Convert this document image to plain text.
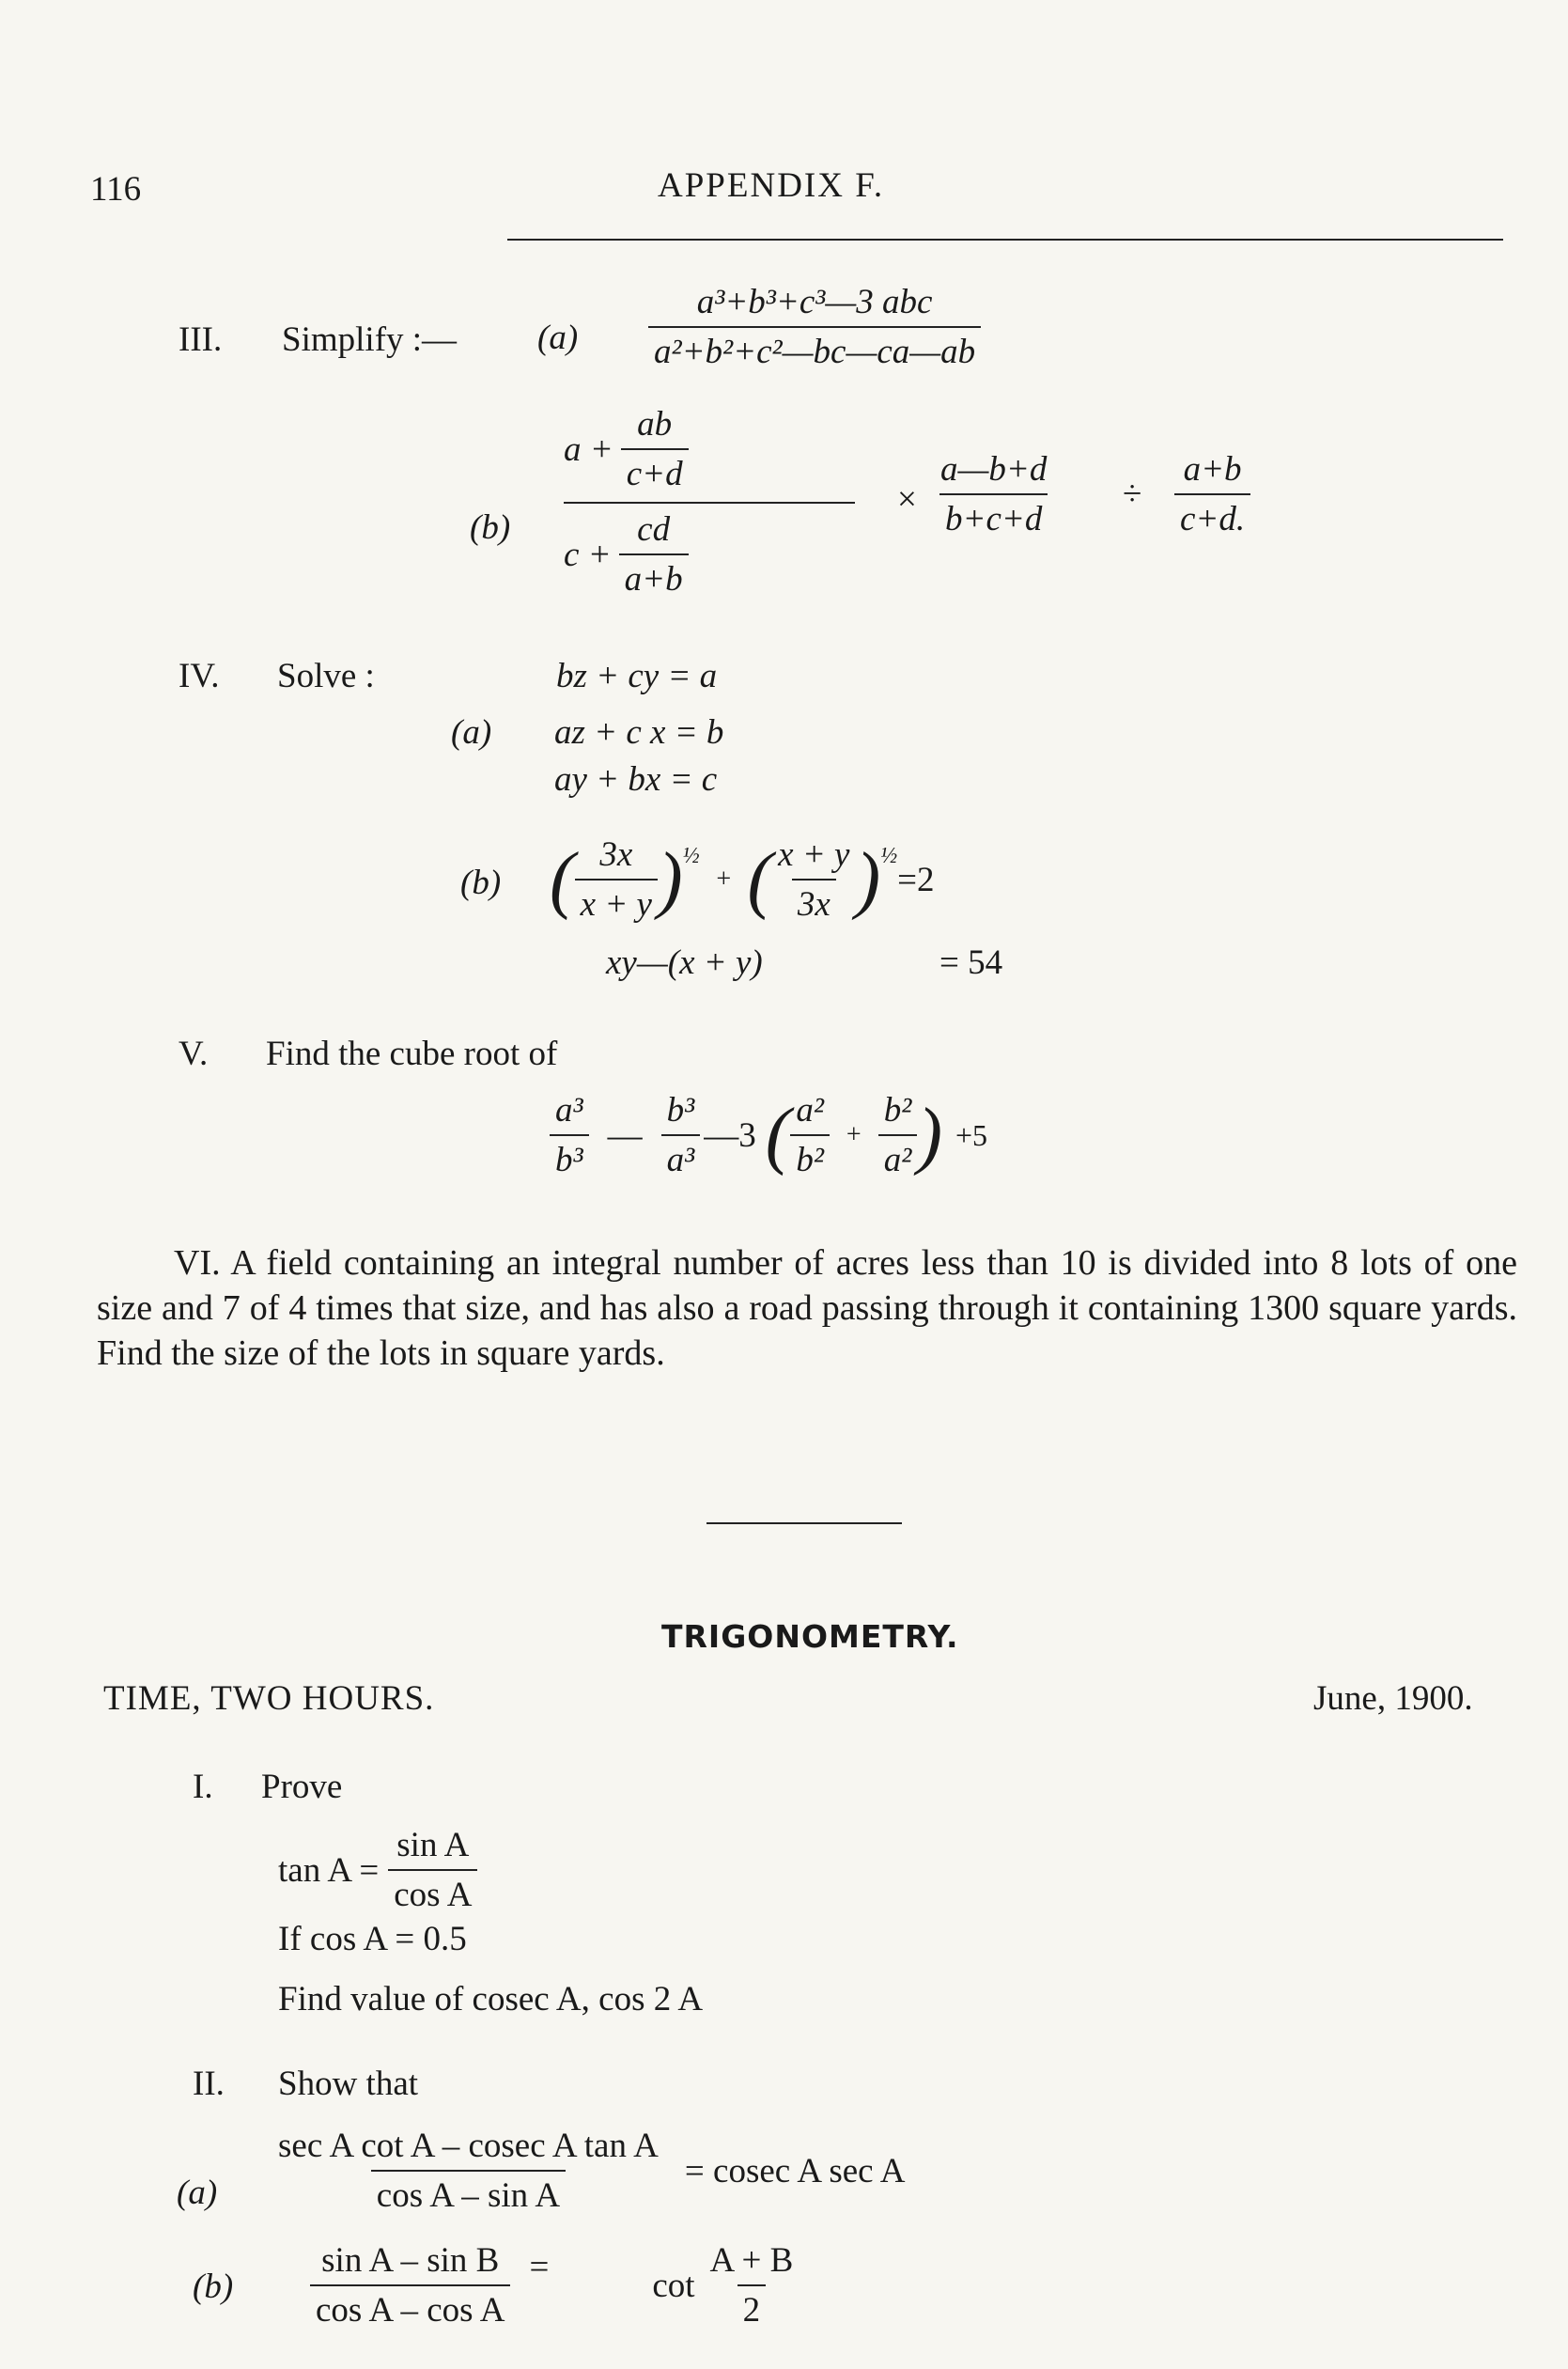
116	APPENDIX F.
III. Simplify :— $(a) \frac{\text{a³+b³+c³—3 abc}}{\text{a²+b²+c²—bc—ca—ab}}$
(b)
$a + \frac{ab}{c+d}$
$c + \frac{cd}{a+b}$
× $\frac{a—b+d}{b+c+d} \div \frac{a+b}{c+d.}$
IV. Solve :	bz + cy = a
(a) az + c x = b
ay + bx = c
(b) ( $\frac{3x}{x + y}$ ) ½
+ ( $\frac{x + y}{3x}$ ) ½
=2
xy—(x + y)	= 54
V. Find the cube root of
$\frac{\text{a³}}{\text{b³}}$ — $\frac{\text{b³}}{\text{a³}}$ —3 ( $\frac{\text{a²}}{\text{b²}} + \frac{\text{b²}}{\text{a²}}$ ) +5
VI. A field containing an integral number of acres less than 10 is divided into 8 lots of one size and 7 of 4 times that size, and has also a road passing through it containing 1300 square yards. Find the size of the lots in square yards.
TRIGONOMETRY.
TIME, TWO HOURS.	June, 1900.
I. Prove
$\tan A = \frac{\text{sin A}}{\text{cos A}}$
If cos A = 0.5
Find value of cosec A, cos 2 A
II. Show that
$(a) \frac{\text{sec A cot A – cosec A tan A}}{\text{cos A – sin A}} = cosec$ A sec A
$(b) \frac{\text{sin A – sin B}}{\text{cos A – cos A}}$ =	$\cot \frac{A + B}{2}$
